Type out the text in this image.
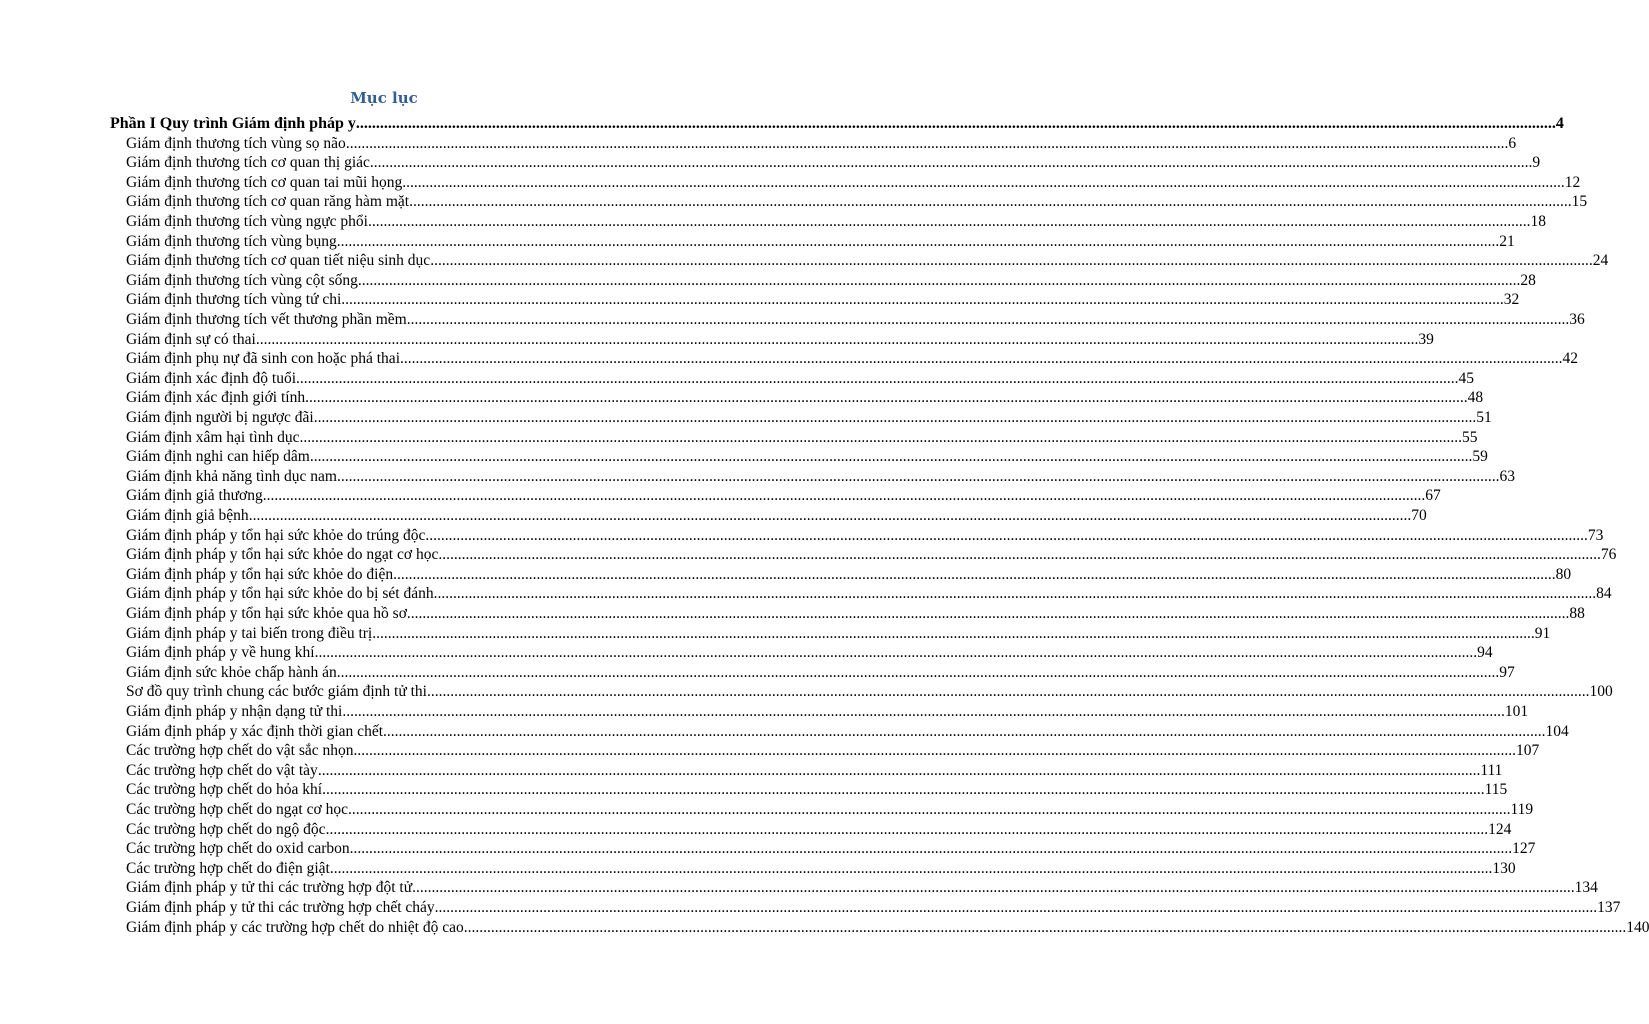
Mục lục
Phần I Quy trình Giám định pháp y ............................................................................................................................................................................................................................................................................................................ 4
Giám định thương tích vùng sọ não ............................................................................................................................................................................................................................................................................................................ 6
Giám định thương tích cơ quan thị giác ............................................................................................................................................................................................................................................................................................................ 9
Giám định thương tích cơ quan tai mũi họng ............................................................................................................................................................................................................................................................................................................ 12
Giám định thương tích cơ quan răng hàm mặt ............................................................................................................................................................................................................................................................................................................ 15
Giám định thương tích vùng ngực phổi ............................................................................................................................................................................................................................................................................................................ 18
Giám định thương tích vùng bụng ............................................................................................................................................................................................................................................................................................................ 21
Giám định thương tích cơ quan tiết niệu sinh dục ............................................................................................................................................................................................................................................................................................................ 24
Giám định thương tích vùng cột sống ............................................................................................................................................................................................................................................................................................................ 28
Giám định thương tích vùng tứ chi ............................................................................................................................................................................................................................................................................................................ 32
Giám định thương tích vết thương phần mềm ............................................................................................................................................................................................................................................................................................................ 36
Giám định sự có thai ............................................................................................................................................................................................................................................................................................................ 39
Giám định phụ nự đã sinh con hoặc phá thai ............................................................................................................................................................................................................................................................................................................ 42
Giám định xác định độ tuổi ............................................................................................................................................................................................................................................................................................................ 45
Giám định xác định giới tính ............................................................................................................................................................................................................................................................................................................ 48
Giám định người bị ngược đãi ............................................................................................................................................................................................................................................................................................................ 51
Giám định xâm hại tình dục ............................................................................................................................................................................................................................................................................................................ 55
Giám định nghi can hiếp dâm ............................................................................................................................................................................................................................................................................................................ 59
Giám định khả năng tình dục nam ............................................................................................................................................................................................................................................................................................................ 63
Giám định giả thương ............................................................................................................................................................................................................................................................................................................ 67
Giám định giả bệnh ............................................................................................................................................................................................................................................................................................................ 70
Giám định pháp y tổn hại sức khỏe do trúng độc ............................................................................................................................................................................................................................................................................................................ 73
Giám định pháp y tổn hại sức khỏe do ngạt cơ học ............................................................................................................................................................................................................................................................................................................ 76
Giám định pháp y tổn hại sức khỏe do điện ............................................................................................................................................................................................................................................................................................................ 80
Giám định pháp y tổn hại sức khỏe do bị sét đánh ............................................................................................................................................................................................................................................................................................................ 84
Giám định pháp y tổn hại sức khỏe qua hồ sơ ............................................................................................................................................................................................................................................................................................................ 88
Giám định pháp y tai biến trong điều trị ............................................................................................................................................................................................................................................................................................................ 91
Giám định pháp y về hung khí ............................................................................................................................................................................................................................................................................................................ 94
Giám định sức khỏe chấp hành án ............................................................................................................................................................................................................................................................................................................ 97
Sơ đồ quy trình chung các bước giám định tử thi ............................................................................................................................................................................................................................................................................................................ 100
Giám định pháp y nhận dạng tử thi ............................................................................................................................................................................................................................................................................................................ 101
Giám định pháp y xác định thời gian chết ............................................................................................................................................................................................................................................................................................................ 104
Các trường hợp chết do vật sắc nhọn ............................................................................................................................................................................................................................................................................................................ 107
Các trường hợp chết do vật tày ............................................................................................................................................................................................................................................................................................................ 111
Các trường hợp chết do hỏa khí ............................................................................................................................................................................................................................................................................................................ 115
Các trường hợp chết do ngạt cơ học ............................................................................................................................................................................................................................................................................................................ 119
Các trường hợp chết do ngộ độc ............................................................................................................................................................................................................................................................................................................ 124
Các trường hợp chết do oxid carbon ............................................................................................................................................................................................................................................................................................................ 127
Các trường hợp chết do điện giật ............................................................................................................................................................................................................................................................................................................ 130
Giám định pháp y tử thi các trường hợp đột tử ............................................................................................................................................................................................................................................................................................................ 134
Giám định pháp y tử thi các trường hợp chết cháy ............................................................................................................................................................................................................................................................................................................ 137
Giám định pháp y các trường hợp chết do nhiệt độ cao ............................................................................................................................................................................................................................................................................................................ 140
